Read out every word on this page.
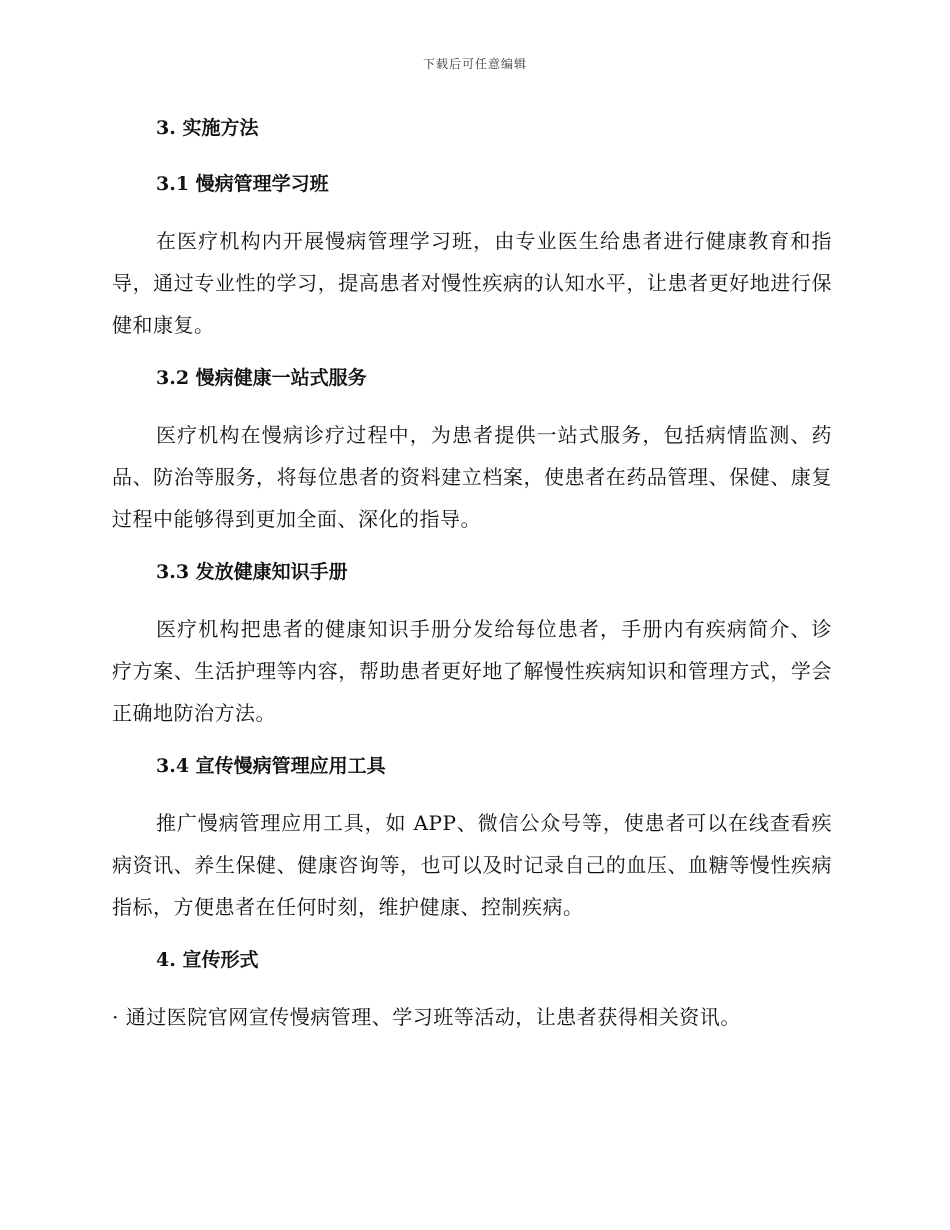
下载后可任意编辑
3. 实施方法
3.1 慢病管理学习班

在医疗机构内开展慢病管理学习班，由专业医生给患者进行健康教育和指导，通过专业性的学习，提高患者对慢性疾病的认知水平，让患者更好地进行保健和康复。

3.2 慢病健康一站式服务

医疗机构在慢病诊疗过程中，为患者提供一站式服务，包括病情监测、药品、防治等服务，将每位患者的资料建立档案，使患者在药品管理、保健、康复过程中能够得到更加全面、深化的指导。

3.3 发放健康知识手册

医疗机构把患者的健康知识手册分发给每位患者，手册内有疾病简介、诊疗方案、生活护理等内容，帮助患者更好地了解慢性疾病知识和管理方式，学会正确地防治方法。

3.4 宣传慢病管理应用工具

推广慢病管理应用工具，如 APP、微信公众号等，使患者可以在线查看疾病资讯、养生保健、健康咨询等，也可以及时记录自己的血压、血糖等慢性疾病指标，方便患者在任何时刻，维护健康、控制疾病。

4. 宣传形式

· 通过医院官网宣传慢病管理、学习班等活动，让患者获得相关资讯。
